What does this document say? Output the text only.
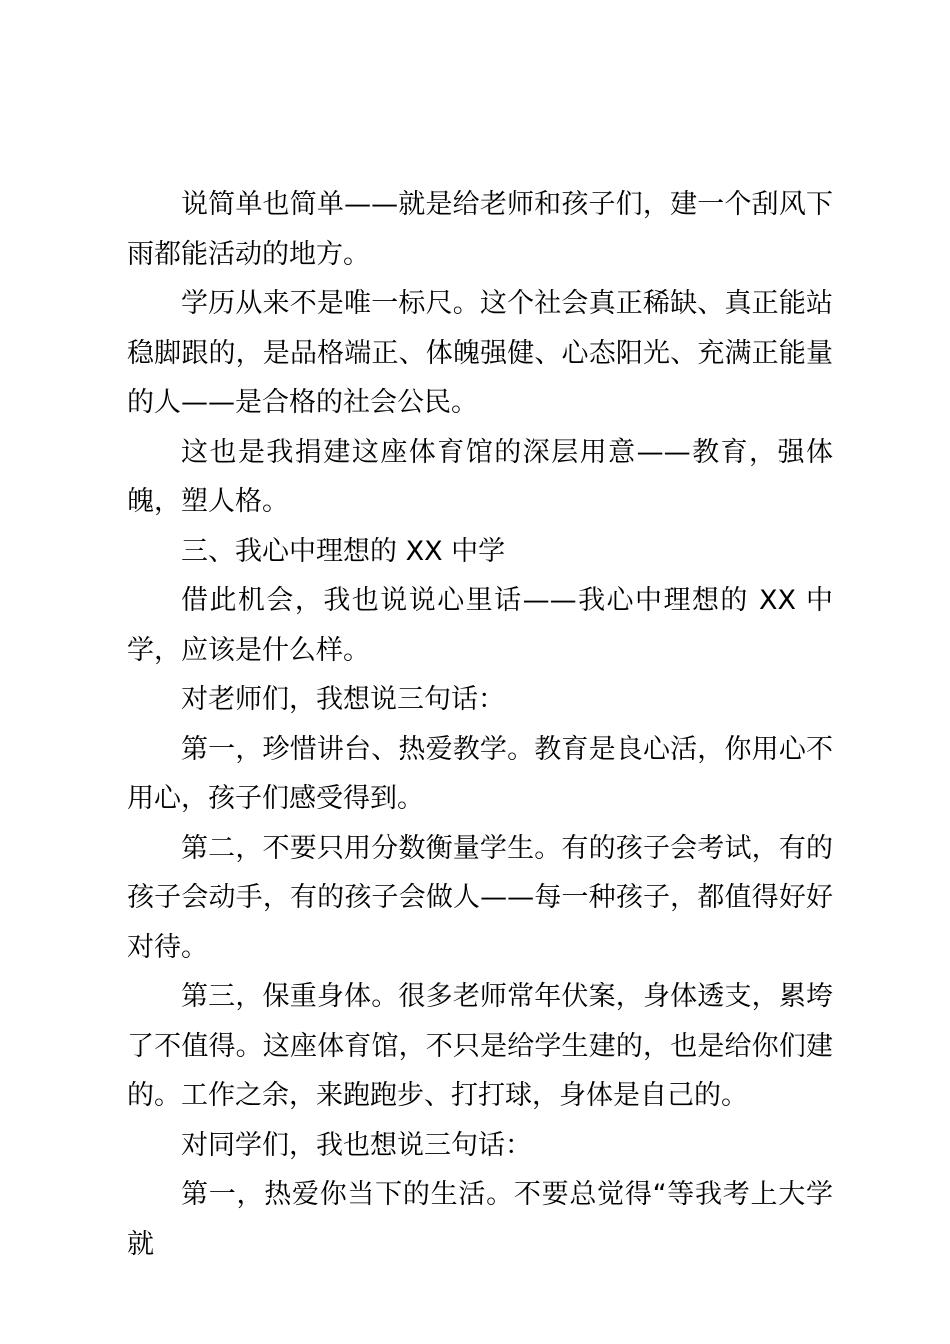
说简单也简单——就是给老师和孩子们，建一个刮风下雨都能活动的地方。

学历从来不是唯一标尺。这个社会真正稀缺、真正能站稳脚跟的，是品格端正、体魄强健、心态阳光、充满正能量的人——是合格的社会公民。

这也是我捐建这座体育馆的深层用意——教育，强体魄，塑人格。

三、我心中理想的 XX 中学

借此机会，我也说说心里话——我心中理想的 XX 中学，应该是什么样。

对老师们，我想说三句话：

第一，珍惜讲台、热爱教学。教育是良心活，你用心不用心，孩子们感受得到。

第二，不要只用分数衡量学生。有的孩子会考试，有的孩子会动手，有的孩子会做人——每一种孩子，都值得好好对待。

第三，保重身体。很多老师常年伏案，身体透支，累垮了不值得。这座体育馆，不只是给学生建的，也是给你们建的。工作之余，来跑跑步、打打球，身体是自己的。

对同学们，我也想说三句话：

第一，热爱你当下的生活。不要总觉得“等我考上大学就
